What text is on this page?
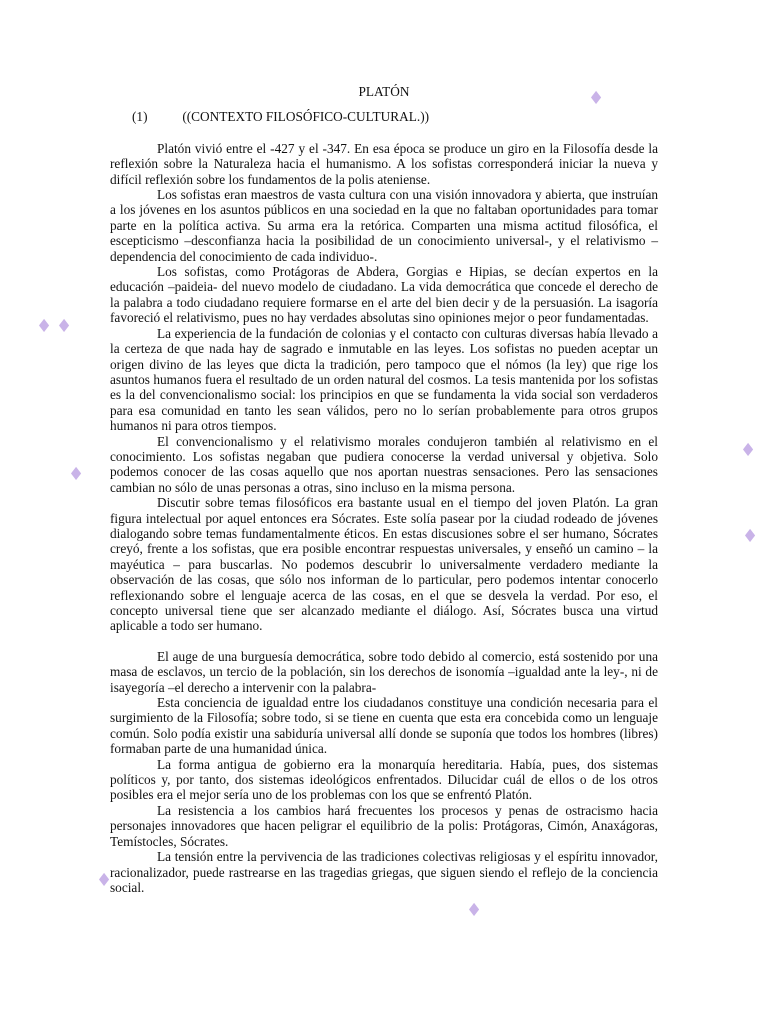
PLATÓN
(1)	((CONTEXTO FILOSÓFICO-CULTURAL.))

Platón vivió entre el -427 y el -347. En esa época se produce un giro en la Filosofía desde la reflexión sobre la Naturaleza hacia el humanismo. A los sofistas corresponderá iniciar la nueva y difícil reflexión sobre los fundamentos de la polis ateniense.

Los sofistas eran maestros de vasta cultura con una visión innovadora y abierta, que instruían a los jóvenes en los asuntos públicos en una sociedad en la que no faltaban oportunidades para tomar parte en la política activa. Su arma era la retórica. Comparten una misma actitud filosófica, el escepticismo –desconfianza hacia la posibilidad de un conocimiento universal-, y el relativismo –dependencia del conocimiento de cada individuo-.

Los sofistas, como Protágoras de Abdera, Gorgias e Hipias, se decían expertos en la educación –paideia- del nuevo modelo de ciudadano. La vida democrática que concede el derecho de la palabra a todo ciudadano requiere formarse en el arte del bien decir y de la persuasión. La isagoría favoreció el relativismo, pues no hay verdades absolutas sino opiniones mejor o peor fundamentadas.

La experiencia de la fundación de colonias y el contacto con culturas diversas había llevado a la certeza de que nada hay de sagrado e inmutable en las leyes. Los sofistas no pueden aceptar un origen divino de las leyes que dicta la tradición, pero tampoco que el nómos (la ley) que rige los asuntos humanos fuera el resultado de un orden natural del cosmos. La tesis mantenida por los sofistas es la del convencionalismo social: los principios en que se fundamenta la vida social son verdaderos para esa comunidad en tanto les sean válidos, pero no lo serían probablemente para otros grupos humanos ni para otros tiempos.

El convencionalismo y el relativismo morales condujeron también al relativismo en el conocimiento. Los sofistas negaban que pudiera conocerse la verdad universal y objetiva. Solo podemos conocer de las cosas aquello que nos aportan nuestras sensaciones. Pero las sensaciones cambian no sólo de unas personas a otras, sino incluso en la misma persona.

Discutir sobre temas filosóficos era bastante usual en el tiempo del joven Platón. La gran figura intelectual por aquel entonces era Sócrates. Este solía pasear por la ciudad rodeado de jóvenes dialogando sobre temas fundamentalmente éticos. En estas discusiones sobre el ser humano, Sócrates creyó, frente a los sofistas, que era posible encontrar respuestas universales, y enseñó un camino – la mayéutica – para buscarlas. No podemos descubrir lo universalmente verdadero mediante la observación de las cosas, que sólo nos informan de lo particular, pero podemos intentar conocerlo reflexionando sobre el lenguaje acerca de las cosas, en el que se desvela la verdad. Por eso, el concepto universal tiene que ser alcanzado mediante el diálogo. Así, Sócrates busca una virtud aplicable a todo ser humano.

El auge de una burguesía democrática, sobre todo debido al comercio, está sostenido por una masa de esclavos, un tercio de la población, sin los derechos de isonomía –igualdad ante la ley-, ni de isayegoría –el derecho a intervenir con la palabra-

Esta conciencia de igualdad entre los ciudadanos constituye una condición necesaria para el surgimiento de la Filosofía; sobre todo, si se tiene en cuenta que esta era concebida como un lenguaje común. Solo podía existir una sabiduría universal allí donde se suponía que todos los hombres (libres) formaban parte de una humanidad única.

La forma antigua de gobierno era la monarquía hereditaria. Había, pues, dos sistemas políticos y, por tanto, dos sistemas ideológicos enfrentados. Dilucidar cuál de ellos o de los otros posibles era el mejor sería uno de los problemas con los que se enfrentó Platón.

La resistencia a los cambios hará frecuentes los procesos y penas de ostracismo hacia personajes innovadores que hacen peligrar el equilibrio de la polis: Protágoras, Cimón, Anaxágoras, Temístocles, Sócrates.

La tensión entre la pervivencia de las tradiciones colectivas religiosas y el espíritu innovador, racionalizador, puede rastrearse en las tragedias griegas, que siguen siendo el reflejo de la conciencia social.

♦ ♦
♦
♦
♦
♦
♦
♦
